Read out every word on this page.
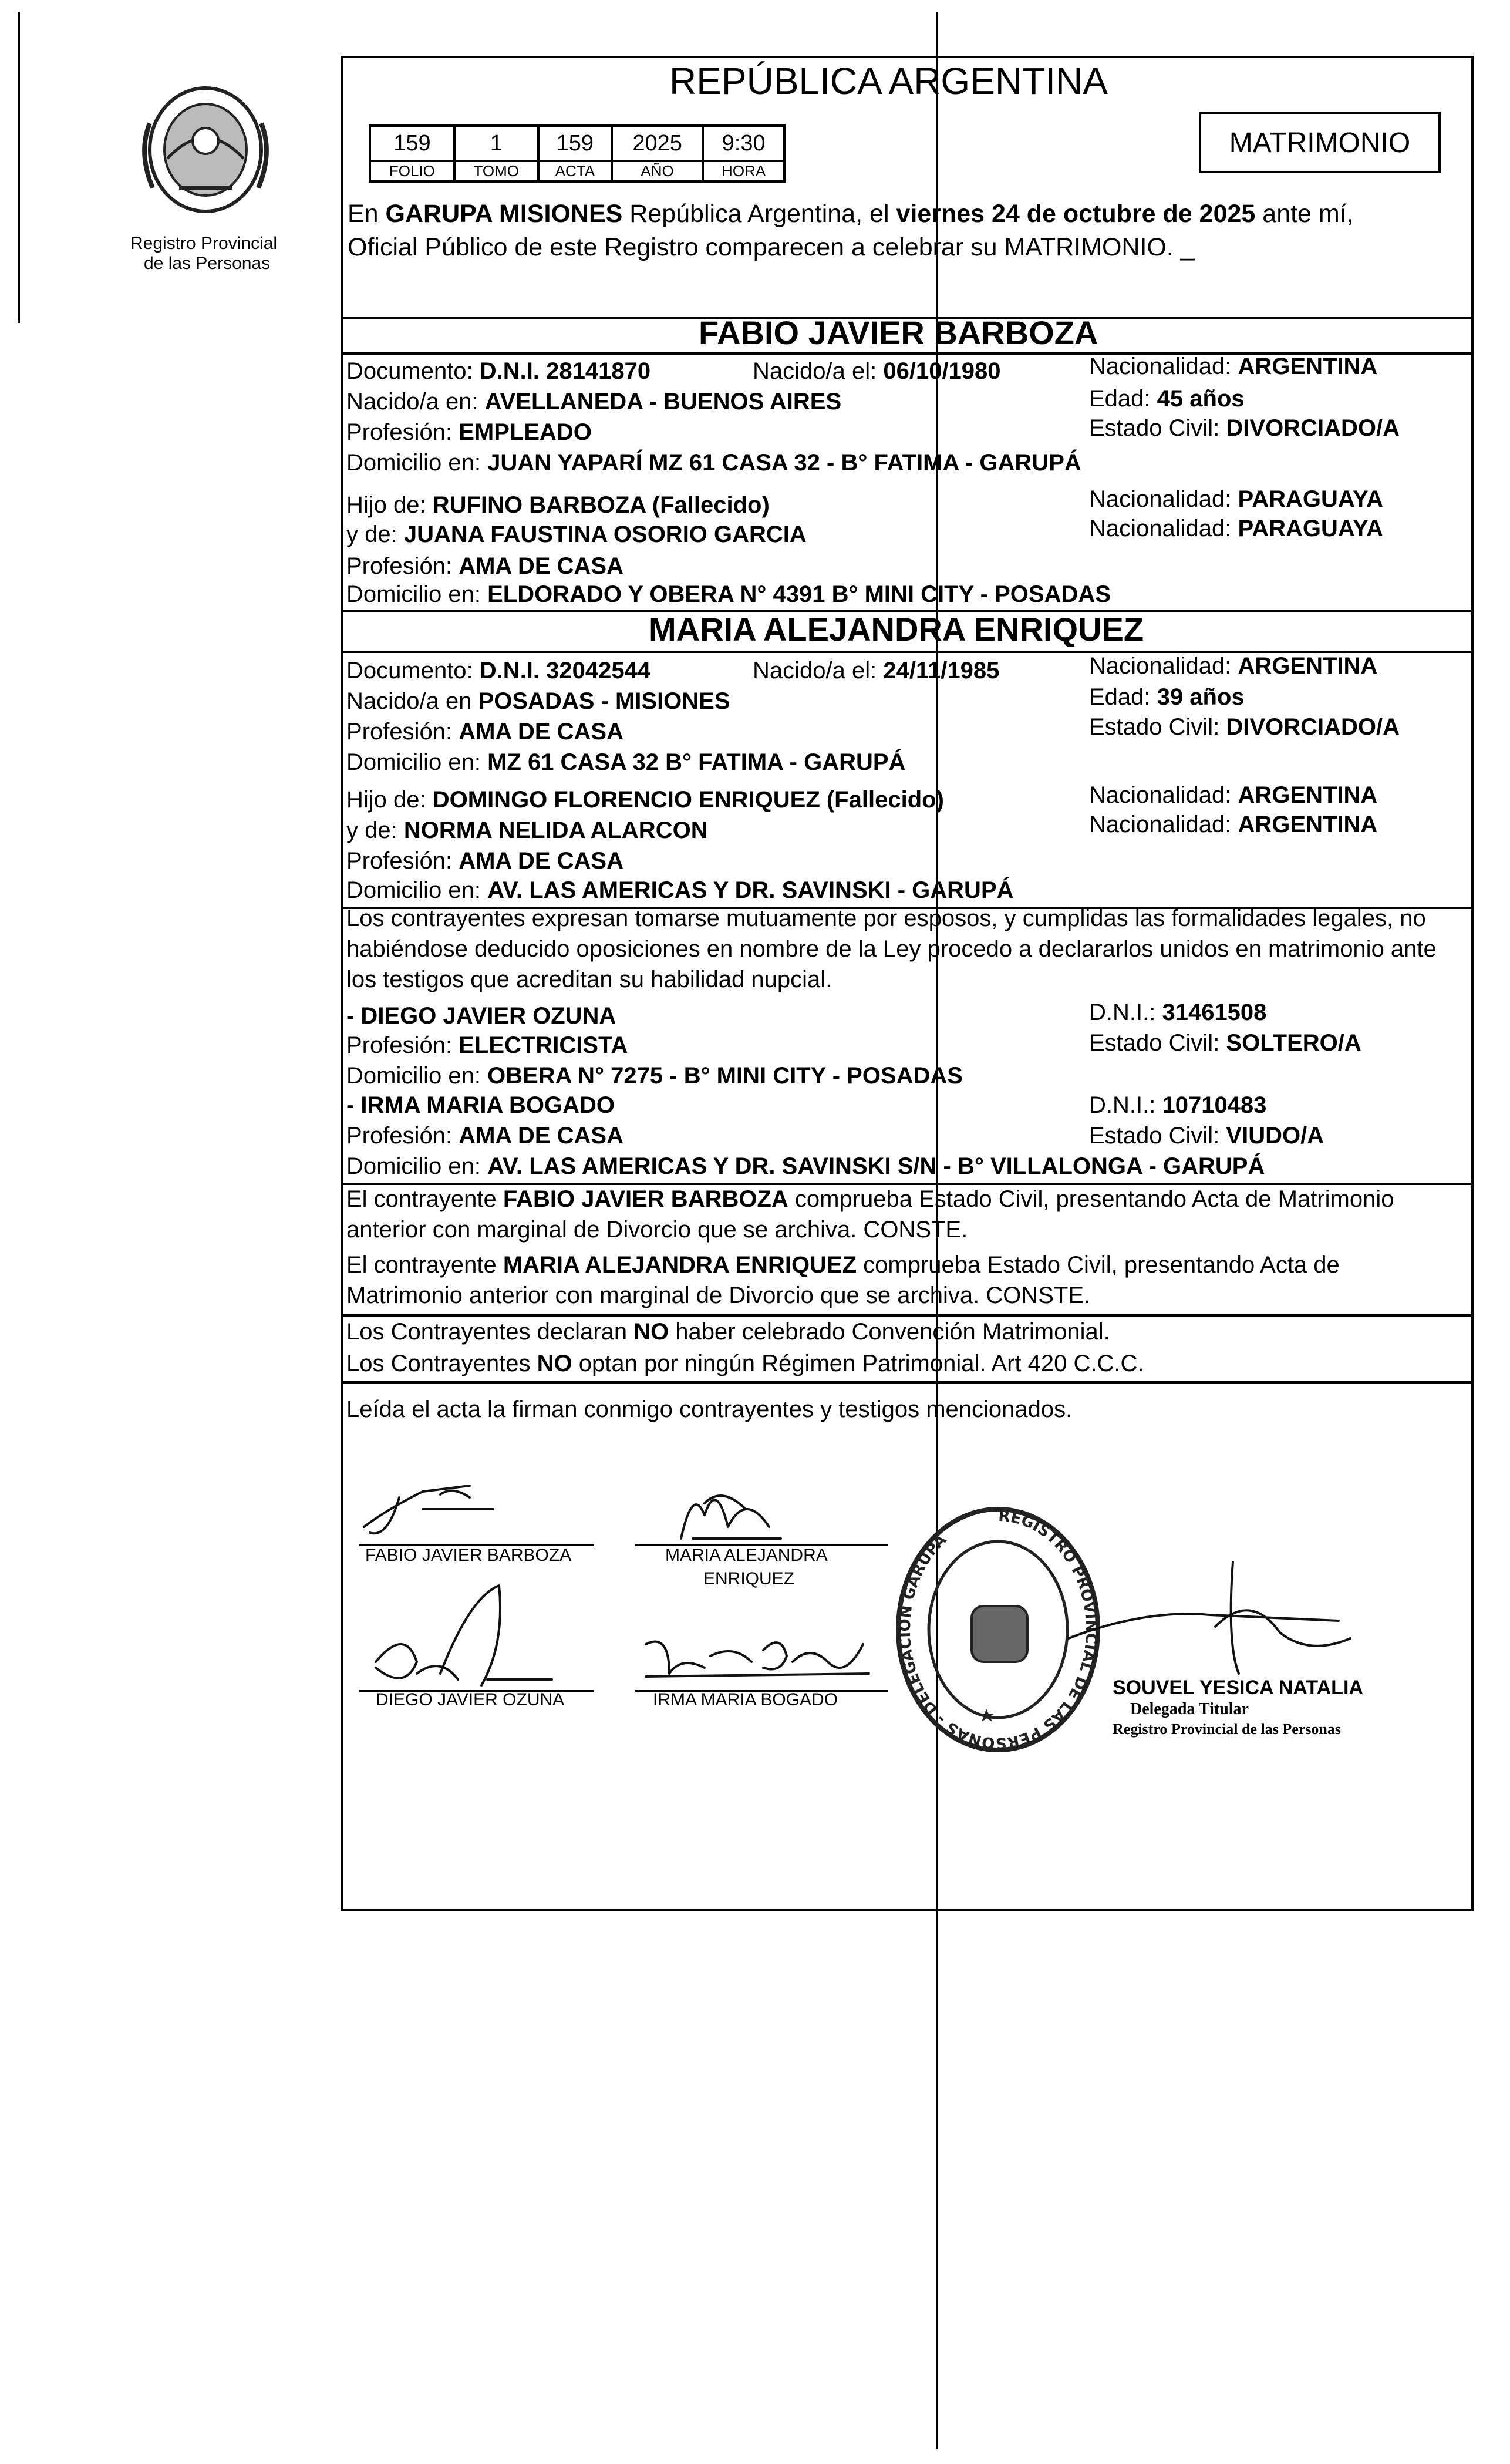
Registro Provincial
de las Personas
REPÚBLICA ARGENTINA
159	1	159	2025	9:30
FOLIO	TOMO	ACTA	AÑO	HORA
MATRIMONIO
En GARUPA MISIONES República Argentina, el viernes 24 de octubre de 2025 ante mí,
Oficial Público de este Registro comparecen a celebrar su MATRIMONIO. _
FABIO JAVIER BARBOZA
Documento: D.N.I. 28141870	Nacido/a el: 06/10/1980	Nacionalidad: ARGENTINA
Nacido/a en: AVELLANEDA - BUENOS AIRES	Edad: 45 años
Profesión: EMPLEADO	Estado Civil: DIVORCIADO/A
Domicilio en: JUAN YAPARÍ MZ 61 CASA 32 - B° FATIMA - GARUPÁ
Hijo de: RUFINO BARBOZA (Fallecido)	Nacionalidad: PARAGUAYA
y de: JUANA FAUSTINA OSORIO GARCIA	Nacionalidad: PARAGUAYA
Profesión: AMA DE CASA
Domicilio en: ELDORADO Y OBERA N° 4391 B° MINI CITY - POSADAS
MARIA ALEJANDRA ENRIQUEZ
Documento: D.N.I. 32042544	Nacido/a el: 24/11/1985	Nacionalidad: ARGENTINA
Nacido/a en POSADAS - MISIONES	Edad: 39 años
Profesión: AMA DE CASA	Estado Civil: DIVORCIADO/A
Domicilio en: MZ 61 CASA 32 B° FATIMA - GARUPÁ
Hijo de: DOMINGO FLORENCIO ENRIQUEZ (Fallecido)	Nacionalidad: ARGENTINA
y de: NORMA NELIDA ALARCON	Nacionalidad: ARGENTINA
Profesión: AMA DE CASA
Domicilio en: AV. LAS AMERICAS Y DR. SAVINSKI - GARUPÁ
Los contrayentes expresan tomarse mutuamente por esposos, y cumplidas las formalidades legales, no
habiéndose deducido oposiciones en nombre de la Ley procedo a declararlos unidos en matrimonio ante
los testigos que acreditan su habilidad nupcial.
- DIEGO JAVIER OZUNA	D.N.I.: 31461508
Profesión: ELECTRICISTA	Estado Civil: SOLTERO/A
Domicilio en: OBERA N° 7275 - B° MINI CITY - POSADAS
- IRMA MARIA BOGADO	D.N.I.: 10710483
Profesión: AMA DE CASA	Estado Civil: VIUDO/A
Domicilio en: AV. LAS AMERICAS Y DR. SAVINSKI S/N - B° VILLALONGA - GARUPÁ
El contrayente FABIO JAVIER BARBOZA comprueba Estado Civil, presentando Acta de Matrimonio
anterior con marginal de Divorcio que se archiva. CONSTE.
El contrayente MARIA ALEJANDRA ENRIQUEZ comprueba Estado Civil, presentando Acta de
Matrimonio anterior con marginal de Divorcio que se archiva. CONSTE.
Los Contrayentes declaran NO haber celebrado Convención Matrimonial.
Los Contrayentes NO optan por ningún Régimen Patrimonial. Art 420 C.C.C.
Leída el acta la firman conmigo contrayentes y testigos mencionados.
FABIO JAVIER BARBOZA	MARIA ALEJANDRA
ENRIQUEZ
DIEGO JAVIER OZUNA	IRMA MARIA BOGADO
REGISTRO PROVINCIAL DE LAS PERSONAS - DELEGACION GARUPA
SOUVEL YESICA NATALIA
Delegada Titular
Registro Provincial de las Personas
